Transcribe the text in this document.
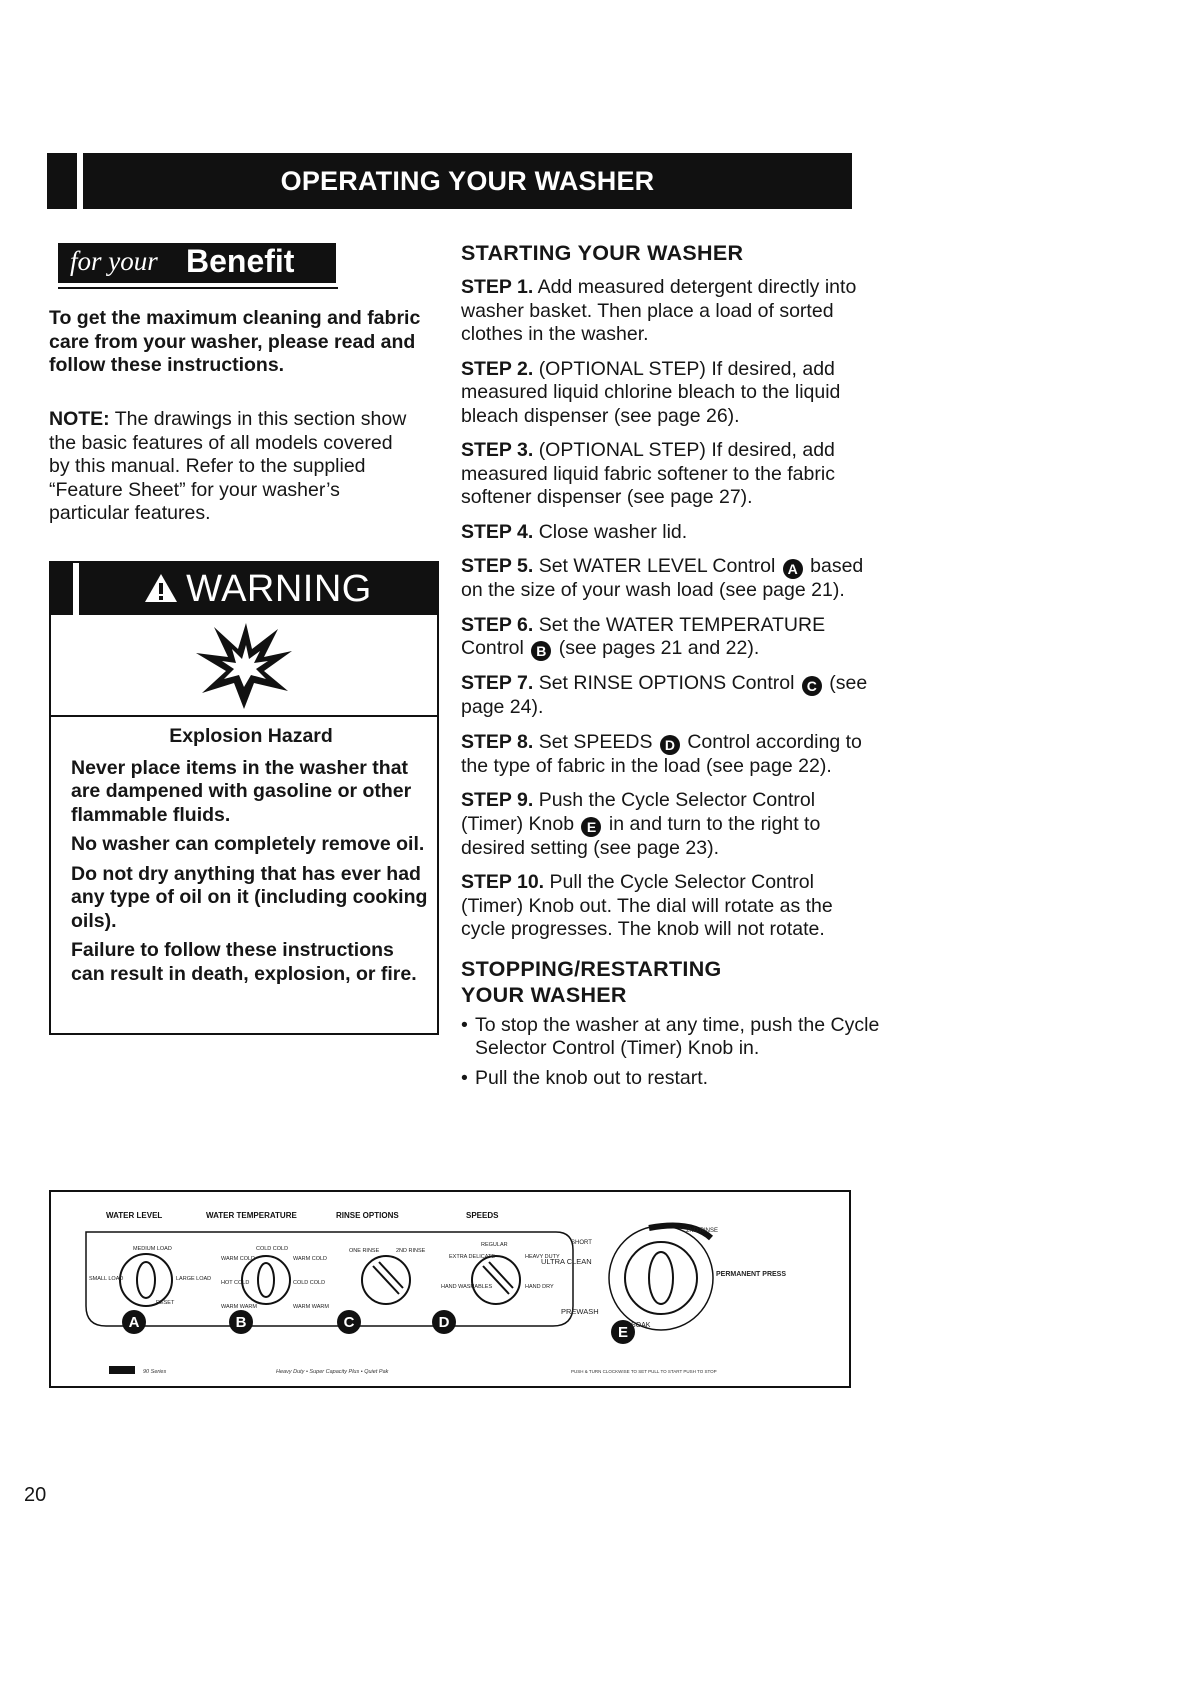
OPERATING YOUR WASHER
for your Benefit
To get the maximum cleaning and fabric care from your washer, please read and follow these instructions.
NOTE: The drawings in this section show the basic features of all models covered by this manual. Refer to the supplied “Feature Sheet” for your washer’s particular features.
WARNING
Explosion Hazard

Never place items in the washer that are dampened with gasoline or other flammable fluids.

No washer can completely remove oil.

Do not dry anything that has ever had any type of oil on it (including cooking oils).

Failure to follow these instructions can result in death, explosion, or fire.

STARTING YOUR WASHER

STEP 1. Add measured detergent directly into washer basket. Then place a load of sorted clothes in the washer.

STEP 2. (OPTIONAL STEP) If desired, add measured liquid chlorine bleach to the liquid bleach dispenser (see page 26).

STEP 3. (OPTIONAL STEP) If desired, add measured liquid fabric softener to the fabric softener dispenser (see page 27).

STEP 4. Close washer lid.

STEP 5. Set WATER LEVEL Control A based on the size of your wash load (see page 21).

STEP 6. Set the WATER TEMPERATURE Control B (see pages 21 and 22).

STEP 7. Set RINSE OPTIONS Control C (see page 24).

STEP 8. Set SPEEDS D Control according to the type of fabric in the load (see page 22).

STEP 9. Push the Cycle Selector Control (Timer) Knob E in and turn to the right to desired setting (see page 23).

STEP 10. Pull the Cycle Selector Control (Timer) Knob out. The dial will rotate as the cycle progresses. The knob will not rotate.

STOPPING/RESTARTING

YOUR WASHER

• To stop the washer at any time, push the Cycle Selector Control (Timer) Knob in.
• Pull the knob out to restart.
WATER LEVEL	WATER TEMPERATURE	RINSE OPTIONS	SPEEDS
MEDIUM LOAD
SMALL LOAD	LARGE LOAD
RESET
COLD COLD
WARM COLD
HOT COLD
WARM WARM
WARM COLD
COLD COLD
WARM WARM
ONE RINSE	2ND RINSE
REGULAR
EXTRA DELICATE	HEAVY DUTY
HAND WASHABLES	HAND DRY
A	B	C	D
E
SHORT
ULTRA CLEAN
PREWASH
SOAK
2ND RINSE
PERMANENT PRESS
90 Series	Heavy Duty • Super Capacity Plus • Quiet Pak	PUSH & TURN CLOCKWISE TO SET PULL TO START PUSH TO STOP
20
